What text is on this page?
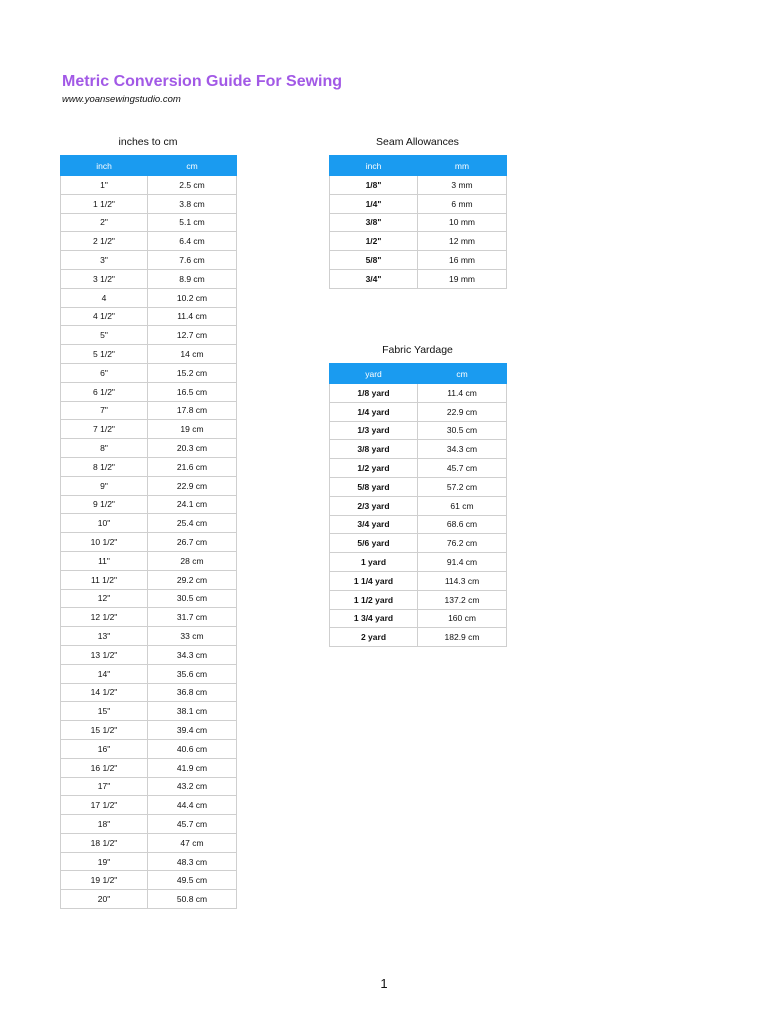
Metric Conversion Guide For Sewing
www.yoansewingstudio.com
inches to cm
inch	cm
1"	2.5 cm
1 1/2"	3.8 cm
2"	5.1 cm
2 1/2"	6.4 cm
3"	7.6 cm
3 1/2"	8.9 cm
4	10.2 cm
4 1/2"	11.4 cm
5"	12.7 cm
5 1/2"	14 cm
6"	15.2 cm
6 1/2"	16.5 cm
7"	17.8 cm
7 1/2"	19 cm
8"	20.3 cm
8 1/2"	21.6 cm
9"	22.9 cm
9 1/2"	24.1 cm
10"	25.4 cm
10 1/2"	26.7 cm
11"	28 cm
11 1/2"	29.2 cm
12"	30.5 cm
12 1/2"	31.7 cm
13"	33 cm
13 1/2"	34.3 cm
14"	35.6 cm
14 1/2"	36.8 cm
15"	38.1 cm
15 1/2"	39.4 cm
16"	40.6 cm
16 1/2"	41.9 cm
17"	43.2 cm
17 1/2"	44.4 cm
18"	45.7 cm
18 1/2"	47 cm
19"	48.3 cm
19 1/2"	49.5 cm
20"	50.8 cm
Seam Allowances
inch	mm
1/8"	3 mm
1/4"	6 mm
3/8"	10 mm
1/2"	12 mm
5/8"	16 mm
3/4"	19 mm
Fabric Yardage
yard	cm
1/8 yard	11.4 cm
1/4 yard	22.9 cm
1/3 yard	30.5 cm
3/8 yard	34.3 cm
1/2 yard	45.7 cm
5/8 yard	57.2 cm
2/3 yard	61 cm
3/4 yard	68.6 cm
5/6 yard	76.2 cm
1 yard	91.4 cm
1 1/4 yard	114.3 cm
1 1/2 yard	137.2 cm
1 3/4 yard	160 cm
2 yard	182.9 cm
1
